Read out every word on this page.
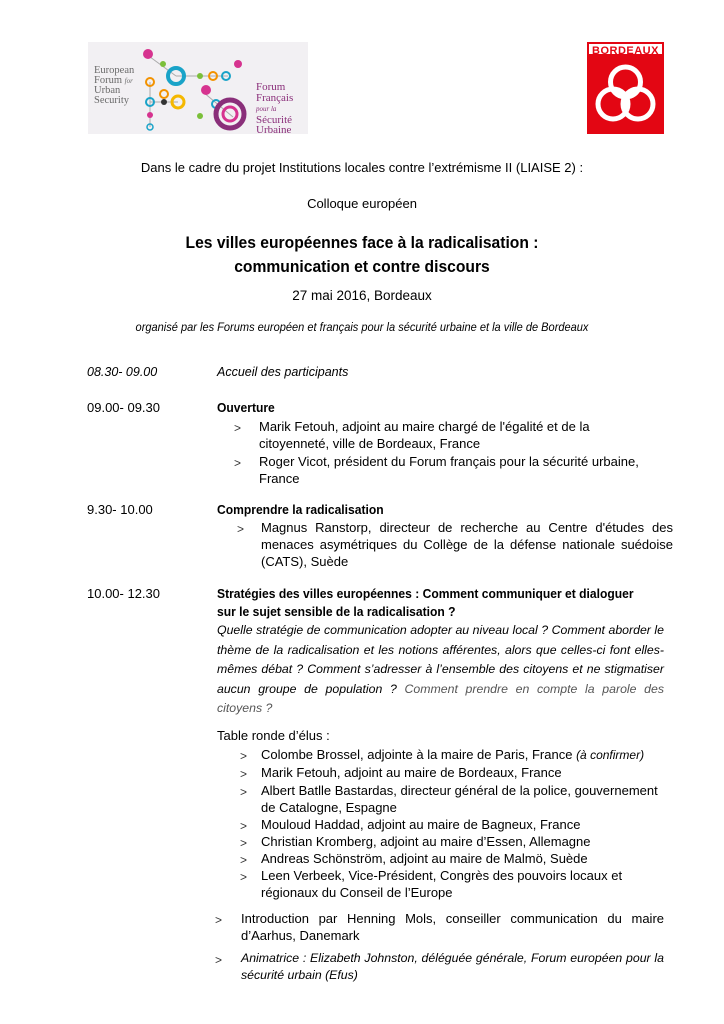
European
Forum for
Urban
Security
Forum
Français pour la
Sécurité
Urbaine
BORDEAUX
Dans le cadre du projet Institutions locales contre l’extrémisme II (LIAISE 2) :
Colloque européen
Les villes européennes face à la radicalisation :
communication et contre discours
27 mai 2016, Bordeaux
organisé par les Forums européen et français pour la sécurité urbaine et la ville de Bordeaux
08.30- 09.00	Accueil des participants
09.00- 09.30	Ouverture
> Marik Fetouh, adjoint au maire chargé de l'égalité et de la citoyenneté, ville de Bordeaux, France
> Roger Vicot, président du Forum français pour la sécurité urbaine, France
9.30- 10.00	Comprendre la radicalisation
> Magnus Ranstorp, directeur de recherche au Centre d'études des menaces asymétriques du Collège de la défense nationale suédoise (CATS), Suède
10.00- 12.30	Stratégies des villes européennes : Comment communiquer et dialoguer
sur le sujet sensible de la radicalisation ?
Quelle stratégie de communication adopter au niveau local ? Comment aborder le thème de la radicalisation et les notions afférentes, alors que celles-ci font elles-mêmes débat ? Comment s’adresser à l’ensemble des citoyens et ne stigmatiser aucun groupe de population ? Comment prendre en compte la parole des citoyens ?
Table ronde d’élus :
> Colombe Brossel, adjointe à la maire de Paris, France (à confirmer)
> Marik Fetouh, adjoint au maire de Bordeaux, France
> Albert Batlle Bastardas, directeur général de la police, gouvernement de Catalogne, Espagne
> Mouloud Haddad, adjoint au maire de Bagneux, France
> Christian Kromberg, adjoint au maire d’Essen, Allemagne
> Andreas Schönström, adjoint au maire de Malmö, Suède
> Leen Verbeek, Vice-Président, Congrès des pouvoirs locaux et régionaux du Conseil de l’Europe
> Introduction par Henning Mols, conseiller communication du maire d’Aarhus, Danemark
> Animatrice : Elizabeth Johnston, déléguée générale, Forum européen pour la sécurité urbain (Efus)
